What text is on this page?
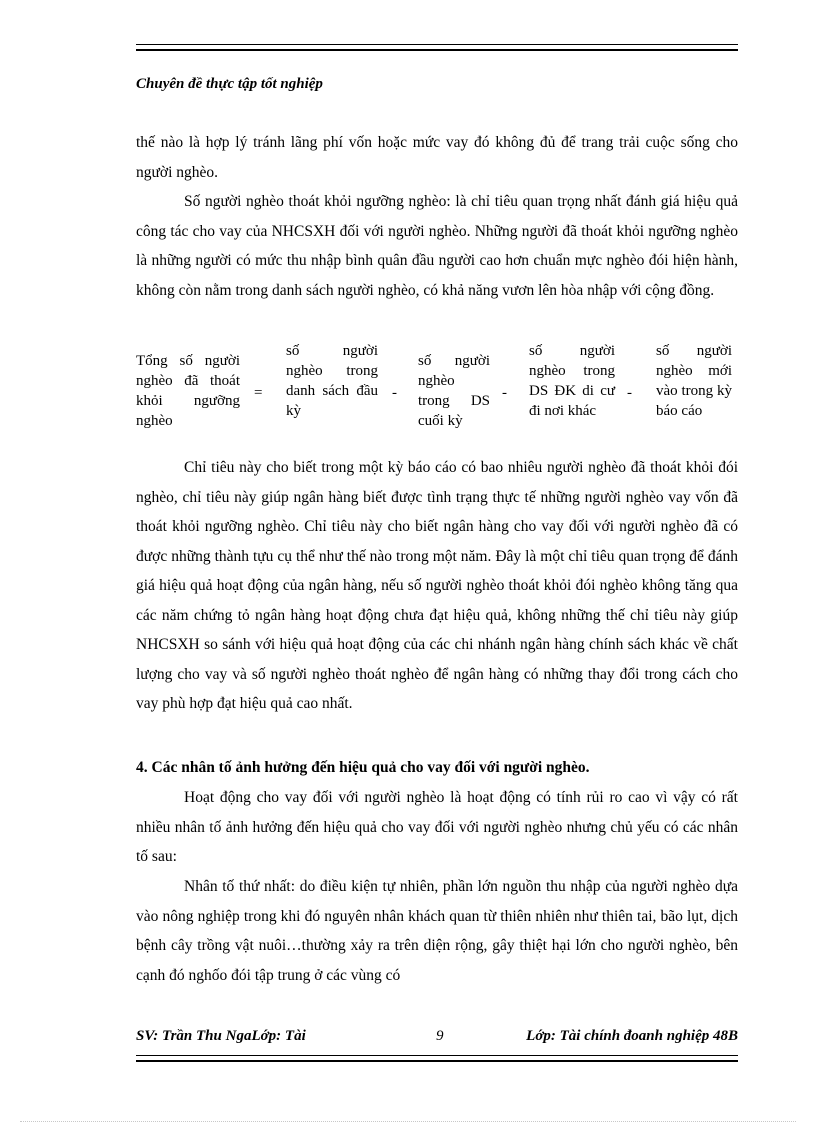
Chuyên đề thực tập tốt nghiệp
thế nào là hợp lý tránh lãng phí vốn hoặc mức vay đó không đủ để trang trải cuộc sống cho người nghèo.
Số người nghèo thoát khỏi ngưỡng nghèo: là chỉ tiêu quan trọng nhất đánh giá hiệu quả công tác cho vay của NHCSXH đối với người nghèo. Những người đã thoát khỏi ngưỡng nghèo là những người có mức thu nhập bình quân đầu người cao hơn chuẩn mực nghèo đói hiện hành, không còn nằm trong danh sách người nghèo, có khả năng vươn lên hòa nhập với cộng đồng.
Tổng số người nghèo đã thoát khỏi ngưỡng nghèo
=
số người nghèo trong danh sách đầu kỳ
-
số người nghèo trong DS cuối kỳ
-
số người nghèo trong DS ĐK di cư đi nơi khác
-
số người nghèo mới vào trong kỳ báo cáo
Chỉ tiêu này cho biết trong một kỳ báo cáo có bao nhiêu người nghèo đã thoát khỏi đói nghèo, chỉ tiêu này giúp ngân hàng biết được tình trạng thực tế những người nghèo vay vốn đã thoát khỏi ngưỡng nghèo. Chỉ tiêu này cho biết ngân hàng cho vay đối với người nghèo đã có được những thành tựu cụ thể như thế nào trong một năm. Đây là một chỉ tiêu quan trọng để đánh giá hiệu quả hoạt động của ngân hàng, nếu số người nghèo thoát khỏi đói nghèo không tăng qua các năm chứng tỏ ngân hàng hoạt động chưa đạt hiệu quả, không những thế chỉ tiêu này giúp NHCSXH so sánh với hiệu quả hoạt động của các chi nhánh ngân hàng chính sách khác về chất lượng cho vay và số người nghèo thoát nghèo để ngân hàng có những thay đổi trong cách cho vay phù hợp đạt hiệu quả cao nhất.
4. Các nhân tố ảnh hưởng đến hiệu quả cho vay đối với người nghèo.
Hoạt động cho vay đối với người nghèo là hoạt động có tính rủi ro cao vì vậy có rất nhiều nhân tố ảnh hưởng đến hiệu quả cho vay đối với người nghèo nhưng chủ yếu có các nhân tố sau:
Nhân tố thứ nhất: do điều kiện tự nhiên, phần lớn nguồn thu nhập của người nghèo dựa vào nông nghiệp trong khi đó nguyên nhân khách quan từ thiên nhiên như thiên tai, bão lụt, dịch bệnh cây trồng vật nuôi…thường xảy ra trên diện rộng, gây thiệt hại lớn cho người nghèo, bên cạnh đó nghốo đói tập trung ở các vùng có
SV: Trần Thu NgaLớp: Tài	9	Lớp: Tài chính đoanh nghiệp 48B
